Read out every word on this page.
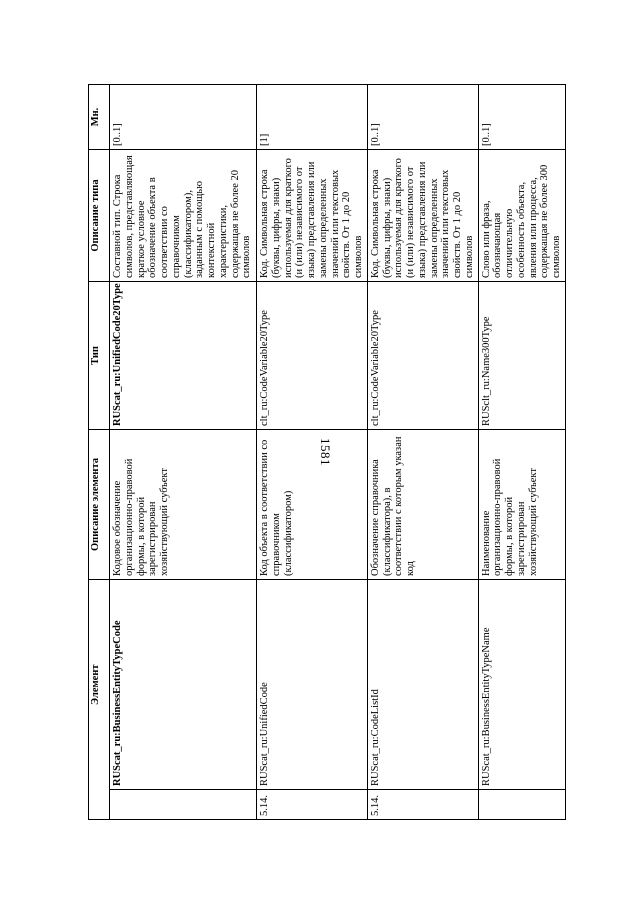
1581
	Элемент	Описание элемента	Тип	Описание типа	Мн.
	RUScat_ru:BusinessEntityTypeCode	Кодовое обозначение организационно-правовой формы, в которой зарегистрирован хозяйствующий субъект	RUScat_ru:UnifiedCode20Type	Составной тип. Строка символов, представляющая краткое условное обозначение объекта в соответствии со справочником (классификатором), заданным с помощью контекстной характеристики, содержащая не более 20 символов	[0..1]
5.14.	RUScat_ru:UnifiedCode	Код объекта в соответствии со справочником (классификатором)	clt_ru:CodeVariable20Type	Код. Символьная строка (буквы, цифры, знаки) используемая для краткого (и (или) независимого от языка) представления или замены определенных значений или текстовых свойств. От 1 до 20 символов	[1]
5.14.	RUScat_ru:CodeListId	Обозначение справочника (классификатора), в соответствии с которым указан код	clt_ru:CodeVariable20Type	Код. Символьная строка (буквы, цифры, знаки) используемая для краткого (и (или) независимого от языка) представления или замены определенных значений или текстовых свойств. От 1 до 20 символов	[0..1]
	RUScat_ru:BusinessEntityTypeName	Наименование организационно-правовой формы, в которой зарегистрирован хозяйствующий субъект	RUSclt_ru:Name300Type	Слово или фраза, обозначающая отличительную особенность объекта, явления или процесса, содержащая не более 300 символов	[0..1]
